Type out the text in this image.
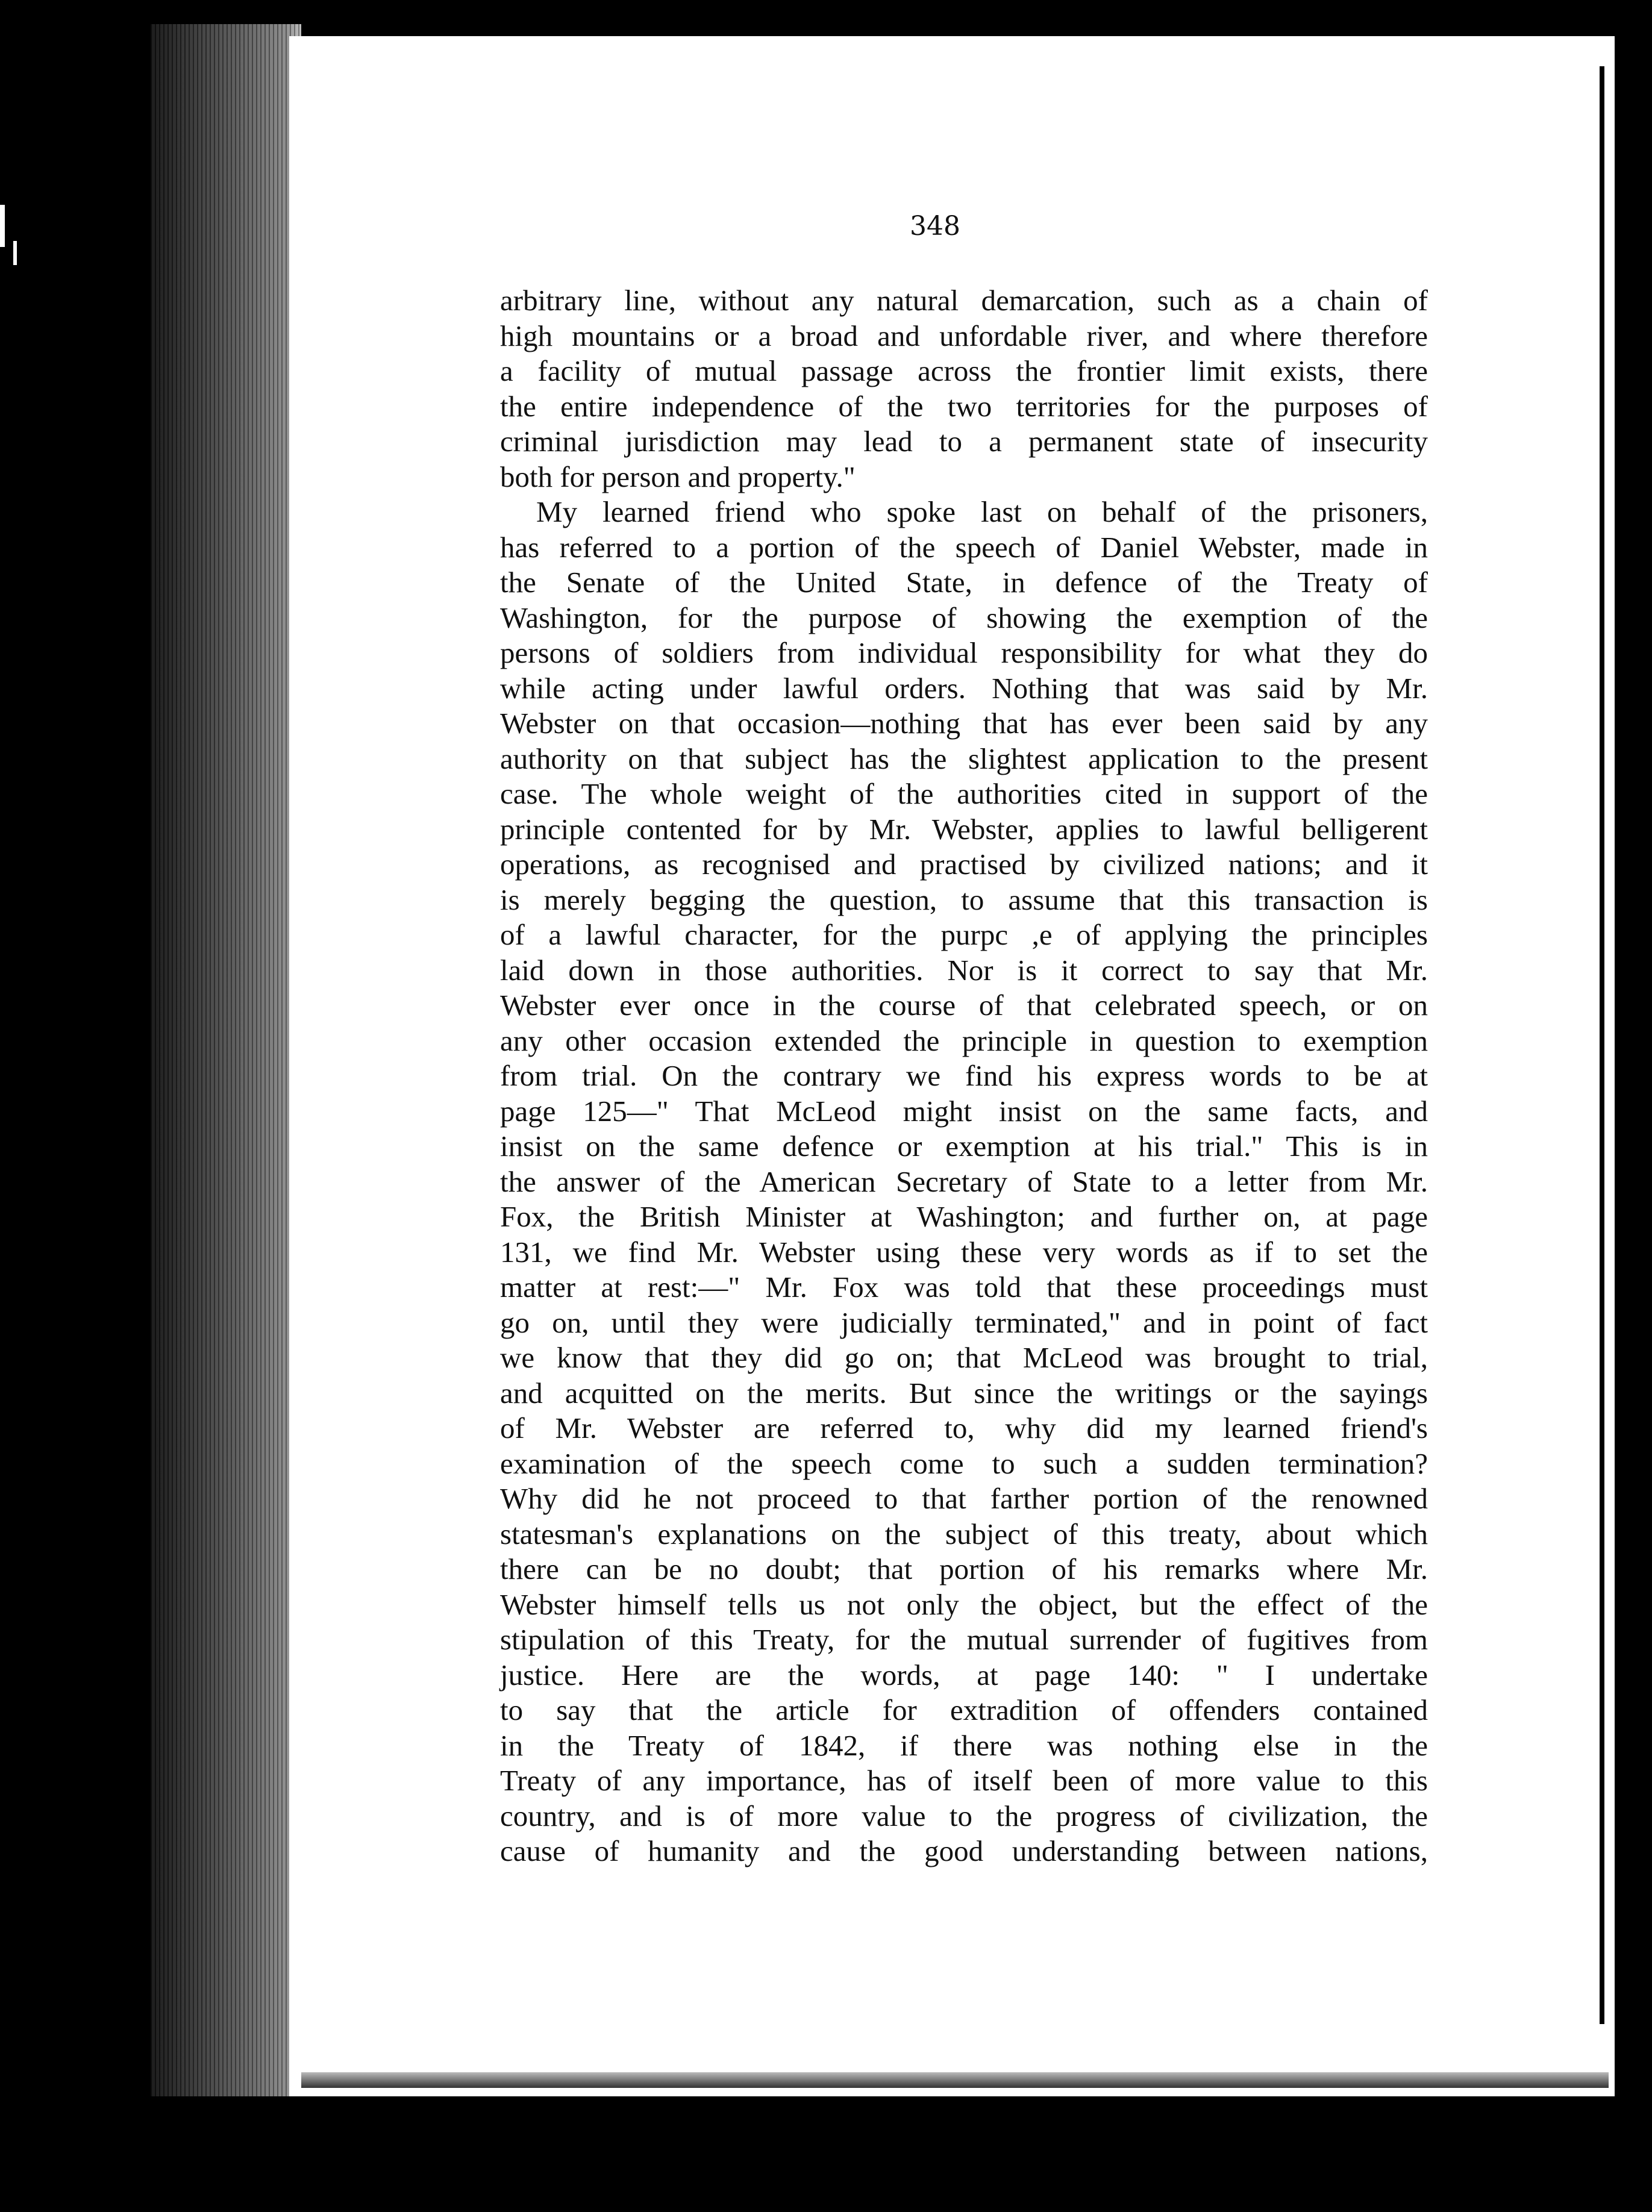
348
arbitrary line, without any natural demarcation, such as a chain of
high mountains or a broad and unfordable river, and where therefore
a facility of mutual passage across the frontier limit exists, there
the entire independence of the two territories for the purposes of
criminal jurisdiction may lead to a permanent state of insecurity
both for person and property."
My learned friend who spoke last on behalf of the prisoners,
has referred to a portion of the speech of Daniel Webster, made in
the Senate of the United State, in defence of the Treaty of
Washington, for the purpose of showing the exemption of the
persons of soldiers from individual responsibility for what they do
while acting under lawful orders. Nothing that was said by Mr.
Webster on that occasion—nothing that has ever been said by any
authority on that subject has the slightest application to the present
case. The whole weight of the authorities cited in support of the
principle contented for by Mr. Webster, applies to lawful belligerent
operations, as recognised and practised by civilized nations; and it
is merely begging the question, to assume that this transaction is
of a lawful character, for the purpc ,e of applying the principles
laid down in those authorities. Nor is it correct to say that Mr.
Webster ever once in the course of that celebrated speech, or on
any other occasion extended the principle in question to exemption
from trial. On the contrary we find his express words to be at
page 125—" That McLeod might insist on the same facts, and
insist on the same defence or exemption at his trial." This is in
the answer of the American Secretary of State to a letter from Mr.
Fox, the British Minister at Washington; and further on, at page
131, we find Mr. Webster using these very words as if to set the
matter at rest:—" Mr. Fox was told that these proceedings must
go on, until they were judicially terminated," and in point of fact
we know that they did go on; that McLeod was brought to trial,
and acquitted on the merits. But since the writings or the sayings
of Mr. Webster are referred to, why did my learned friend's
examination of the speech come to such a sudden termination?
Why did he not proceed to that farther portion of the renowned
statesman's explanations on the subject of this treaty, about which
there can be no doubt; that portion of his remarks where Mr.
Webster himself tells us not only the object, but the effect of the
stipulation of this Treaty, for the mutual surrender of fugitives from
justice. Here are the words, at page 140: " I undertake
to say that the article for extradition of offenders contained
in the Treaty of 1842, if there was nothing else in the
Treaty of any importance, has of itself been of more value to this
country, and is of more value to the progress of civilization, the
cause of humanity and the good understanding between nations,
